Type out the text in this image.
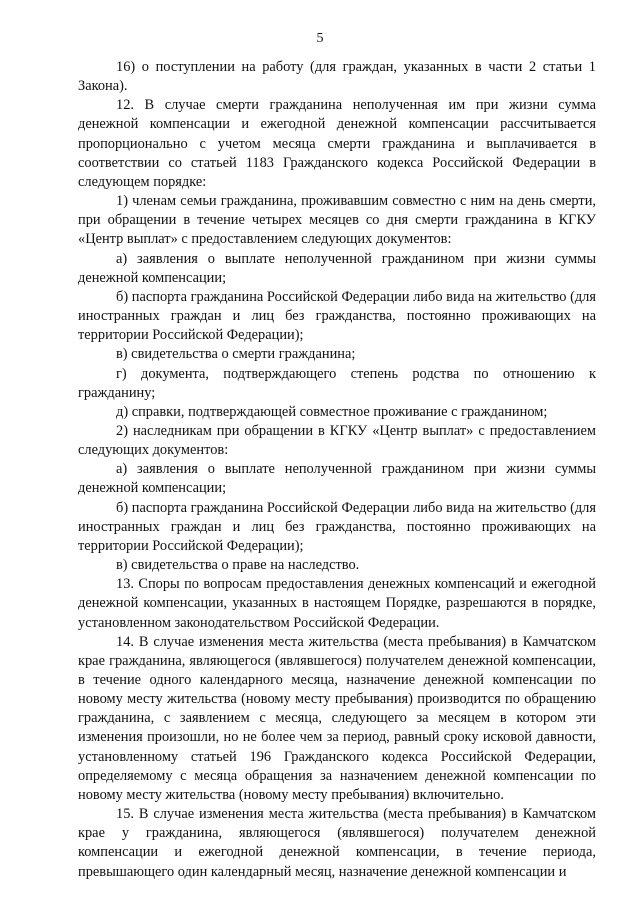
5

16) о поступлении на работу (для граждан, указанных в части 2 статьи 1 Закона).

12. В случае смерти гражданина неполученная им при жизни сумма денежной компенсации и ежегодной денежной компенсации рассчитывается пропорционально с учетом месяца смерти гражданина и выплачивается в соответствии со статьей 1183 Гражданского кодекса Российской Федерации в следующем порядке:

1) членам семьи гражданина, проживавшим совместно с ним на день смерти, при обращении в течение четырех месяцев со дня смерти гражданина в КГКУ «Центр выплат» с предоставлением следующих документов:

а) заявления о выплате неполученной гражданином при жизни суммы денежной компенсации;

б) паспорта гражданина Российской Федерации либо вида на жительство (для иностранных граждан и лиц без гражданства, постоянно проживающих на территории Российской Федерации);

в) свидетельства о смерти гражданина;

г) документа, подтверждающего степень родства по отношению к гражданину;

д) справки, подтверждающей совместное проживание с гражданином;

2) наследникам при обращении в КГКУ «Центр выплат» с предоставлением следующих документов:

а) заявления о выплате неполученной гражданином при жизни суммы денежной компенсации;

б) паспорта гражданина Российской Федерации либо вида на жительство (для иностранных граждан и лиц без гражданства, постоянно проживающих на территории Российской Федерации);

в) свидетельства о праве на наследство.

13. Споры по вопросам предоставления денежных компенсаций и ежегодной денежной компенсации, указанных в настоящем Порядке, разрешаются в порядке, установленном законодательством Российской Федерации.

14. В случае изменения места жительства (места пребывания) в Камчатском крае гражданина, являющегося (являвшегося) получателем денежной компенсации, в течение одного календарного месяца, назначение денежной компенсации по новому месту жительства (новому месту пребывания) производится по обращению гражданина, с заявлением с месяца, следующего за месяцем в котором эти изменения произошли, но не более чем за период, равный сроку исковой давности, установленному статьей 196 Гражданского кодекса Российской Федерации, определяемому с месяца обращения за назначением денежной компенсации по новому месту жительства (новому месту пребывания) включительно.

15. В случае изменения места жительства (места пребывания) в Камчатском крае у гражданина, являющегося (являвшегося) получателем денежной компенсации и ежегодной денежной компенсации, в течение периода, превышающего один календарный месяц, назначение денежной компенсации и
